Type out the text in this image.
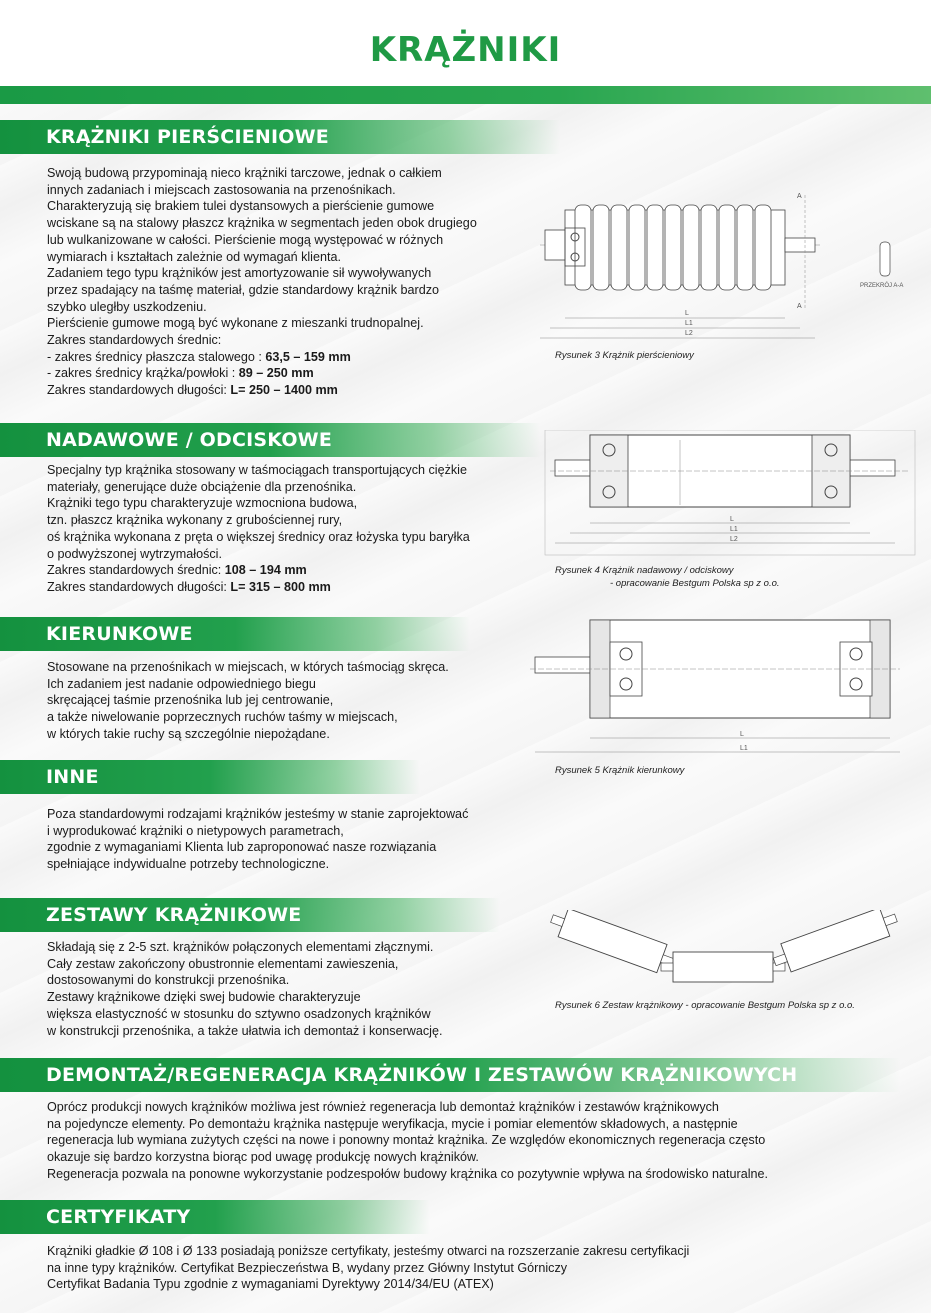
KRĄŻNIKI
KRĄŻNIKI PIERŚCIENIOWE

Swoją budową przypominają nieco krążniki tarczowe, jednak o całkiem

innych zadaniach i miejscach zastosowania na przenośnikach.

Charakteryzują się brakiem tulei dystansowych a pierścienie gumowe

wciskane są na stalowy płaszcz krążnika w segmentach jeden obok drugiego

lub wulkanizowane w całości. Pierścienie mogą występować w różnych

wymiarach i kształtach zależnie od wymagań klienta.

Zadaniem tego typu krążników jest amortyzowanie sił wywoływanych

przez spadający na taśmę materiał, gdzie standardowy krążnik bardzo

szybko uległby uszkodzeniu.

Pierścienie gumowe mogą być wykonane z mieszanki trudnopalnej.

Zakres standardowych średnic:

- zakres średnicy płaszcza stalowego : 63,5 – 159 mm

- zakres średnicy krążka/powłoki : 89 – 250 mm

Zakres standardowych długości: L= 250 – 1400 mm

L
L1
L2
A
A
PRZEKRÓJ A-A
Rysunek 3 Krążnik pierścieniowy
NADAWOWE / ODCISKOWE

Specjalny typ krążnika stosowany w taśmociągach transportujących ciężkie

materiały, generujące duże obciążenie dla przenośnika.

Krążniki tego typu charakteryzuje wzmocniona budowa,

tzn. płaszcz krążnika wykonany z grubościennej rury,

oś krążnika wykonana z pręta o większej średnicy oraz łożyska typu baryłka

o podwyższonej wytrzymałości.

Zakres standardowych średnic: 108 – 194 mm

Zakres standardowych długości: L= 315 – 800 mm

L
L1
L2
Rysunek 4 Krążnik nadawowy / odciskowy
- opracowanie Bestgum Polska sp z o.o.
KIERUNKOWE

Stosowane na przenośnikach w miejscach, w których taśmociąg skręca.

Ich zadaniem jest nadanie odpowiedniego biegu

skręcającej taśmie przenośnika lub jej centrowanie,

a także niwelowanie poprzecznych ruchów taśmy w miejscach,

w których takie ruchy są szczególnie niepożądane.	L
L1
Rysunek 5 Krążnik kierunkowy
INNE

Poza standardowymi rodzajami krążników jesteśmy w stanie zaprojektować

i wyprodukować krążniki o nietypowych parametrach,

zgodnie z wymaganiami Klienta lub zaproponować nasze rozwiązania

spełniające indywidualne potrzeby technologiczne.

ZESTAWY KRĄŻNIKOWE

Składają się z 2-5 szt. krążników połączonych elementami złącznymi.

Cały zestaw zakończony obustronnie elementami zawieszenia,

dostosowanymi do konstrukcji przenośnika.

Zestawy krążnikowe dzięki swej budowie charakteryzuje

większa elastyczność w stosunku do sztywno osadzonych krążników

w konstrukcji przenośnika, a także ułatwia ich demontaż i konserwację.

Rysunek 6 Zestaw krążnikowy - opracowanie Bestgum Polska sp z o.o.
DEMONTAŻ/REGENERACJA KRĄŻNIKÓW I ZESTAWÓW KRĄŻNIKOWYCH

Oprócz produkcji nowych krążników możliwa jest również regeneracja lub demontaż krążników i zestawów krążnikowych

na pojedyncze elementy. Po demontażu krążnika następuje weryfikacja, mycie i pomiar elementów składowych, a następnie

regeneracja lub wymiana zużytych części na nowe i ponowny montaż krążnika. Ze względów ekonomicznych regeneracja często

okazuje się bardzo korzystna biorąc pod uwagę produkcję nowych krążników.

Regeneracja pozwala na ponowne wykorzystanie podzespołów budowy krążnika co pozytywnie wpływa na środowisko naturalne.

CERTYFIKATY

Krążniki gładkie Ø 108 i Ø 133 posiadają poniższe certyfikaty, jesteśmy otwarci na rozszerzanie zakresu certyfikacji

na inne typy krążników. Certyfikat Bezpieczeństwa B, wydany przez Główny Instytut Górniczy

Certyfikat Badania Typu zgodnie z wymaganiami Dyrektywy 2014/34/EU (ATEX)
